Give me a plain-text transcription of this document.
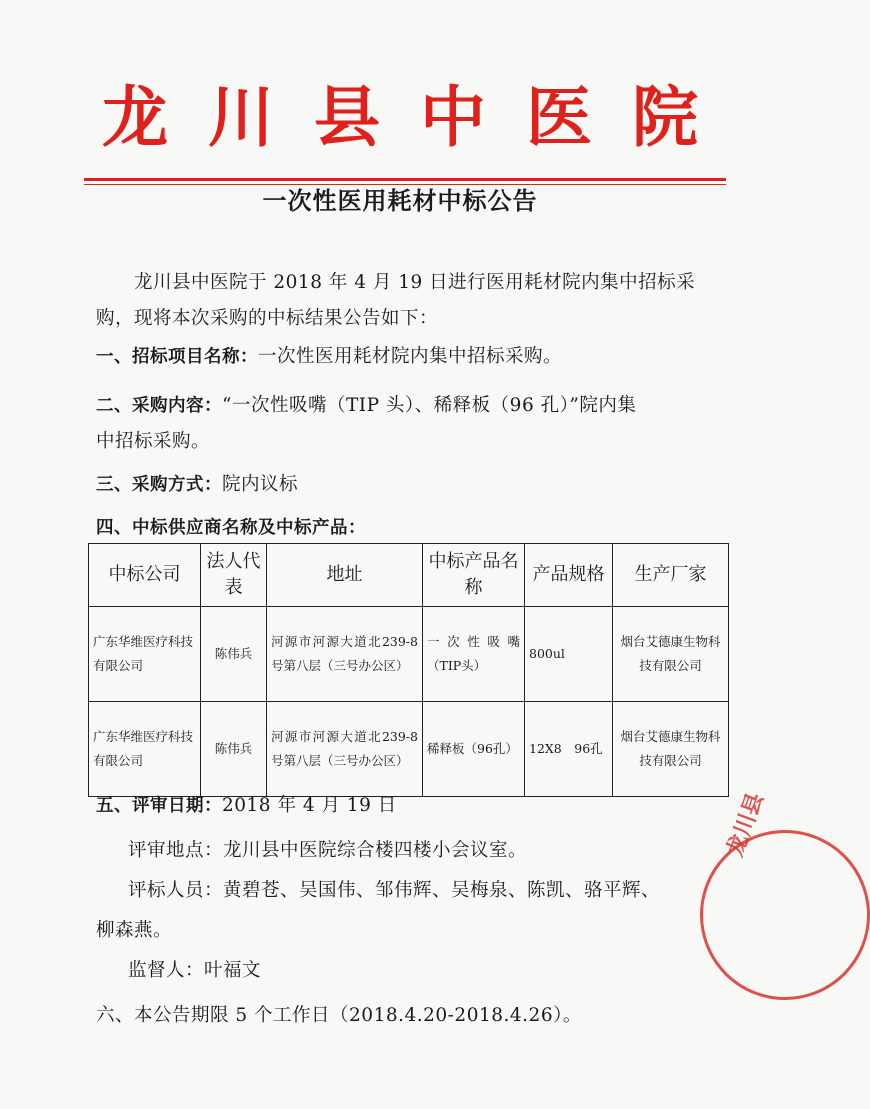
龙川县中医院
一次性医用耗材中标公告
龙川县中医院于 2018 年 4 月 19 日进行医用耗材院内集中招标采
购，现将本次采购的中标结果公告如下：
一、招标项目名称：一次性医用耗材院内集中招标采购。
二、采购内容：“一次性吸嘴（TIP 头）、稀释板（96 孔）”院内集
中招标采购。
三、采购方式：院内议标
四、中标供应商名称及中标产品：
中标公司	法人代表	地址	中标产品名称	产品规格	生产厂家
广东华维医疗科技有限公司	陈伟兵	河源市河源大道北239-8号第八层（三号办公区）	一次性吸嘴（TIP头）	800ul	烟台艾德康生物科技有限公司
广东华维医疗科技有限公司	陈伟兵	河源市河源大道北239-8号第八层（三号办公区）	稀释板（96孔）	12X8　96孔	烟台艾德康生物科技有限公司
五、评审日期：2018 年 4 月 19 日
评审地点：龙川县中医院综合楼四楼小会议室。
评标人员：黄碧苍、吴国伟、邹伟辉、吴梅泉、陈凯、骆平辉、
柳森燕。
监督人：叶福文
六、本公告期限 5 个工作日（2018.4.20-2018.4.26）。
龙川县
